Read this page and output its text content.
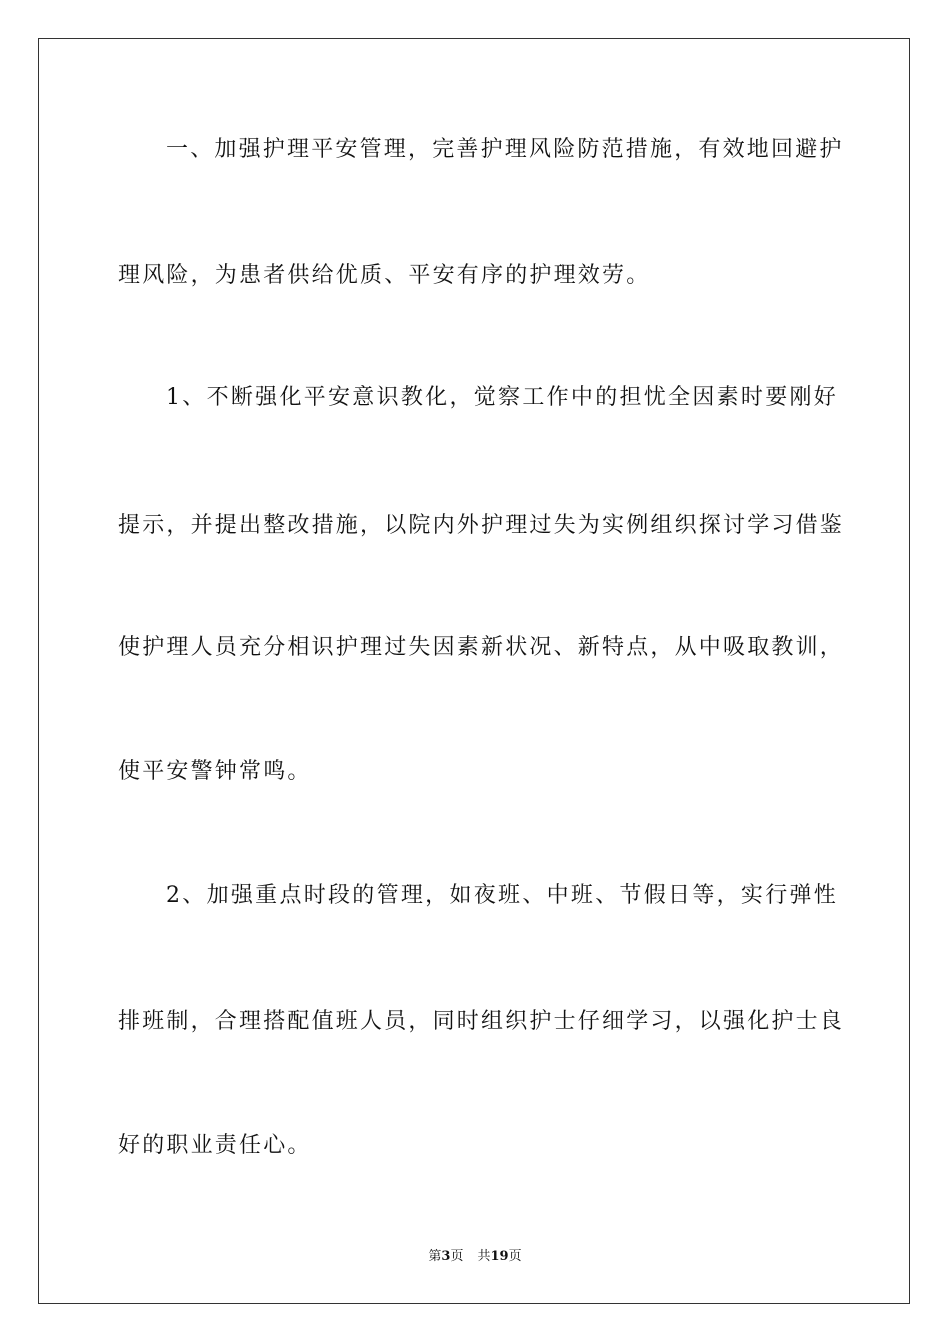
一、加强护理平安管理，完善护理风险防范措施，有效地回避护
理风险，为患者供给优质、平安有序的护理效劳。
1、不断强化平安意识教化，觉察工作中的担忧全因素时要刚好
提示，并提出整改措施，以院内外护理过失为实例组织探讨学习借鉴
使护理人员充分相识护理过失因素新状况、新特点，从中吸取教训，
使平安警钟常鸣。
2、加强重点时段的管理，如夜班、中班、节假日等，实行弹性
排班制，合理搭配值班人员，同时组织护士仔细学习，以强化护士良
好的职业责任心。
第3页 共19页
